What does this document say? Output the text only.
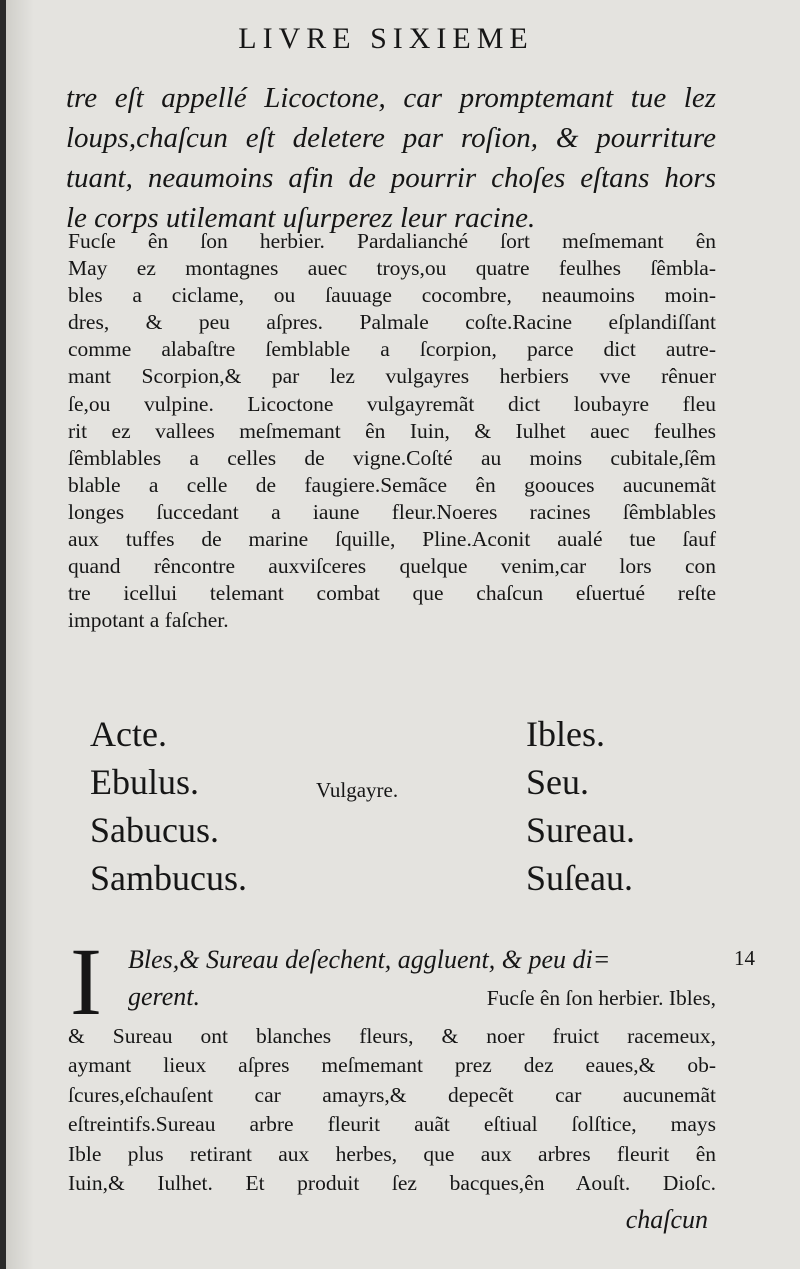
LIVRE SIXIEME
tre eſt appellé Licoctone, car promptemant tue lez
loups,chaſcun eſt deletere par roſion, & pourriture
tuant, neaumoins afin de pourrir choſes eſtans hors
le corps utilemant uſurperez leur racine.
Fucſe ên ſon herbier. Pardalianché ſort meſmemant ên
May ez montagnes auec troys,ou quatre feulhes ſêmbla-
bles a ciclame, ou ſauuage cocombre, neaumoins moin-
dres, & peu aſpres. Palmale coſte.Racine eſplandiſſant
comme alabaſtre ſemblable a ſcorpion, parce dict autre-
mant Scorpion,& par lez vulgayres herbiers vve rênuer
ſe,ou vulpine. Licoctone vulgayremãt dict loubayre fleu
rit ez vallees meſmemant ên Iuin, & Iulhet auec feulhes
ſêmblables a celles de vigne.Coſté au moins cubitale,ſêm
blable a celle de faugiere.Semãce ên goouces aucunemãt
longes ſuccedant a iaune fleur.Noeres racines ſêmblables
aux tuffes de marine ſquille, Pline.Aconit aualé tue ſauf
quand rêncontre auxviſceres quelque venim,car lors con
tre icellui telemant combat que chaſcun eſuertué reſte
impotant a faſcher.
Acte.
Ebulus.
Sabucus.
Sambucus.
Vulgayre.
Ibles.
Seu.
Sureau.
Suſeau.
I Bles,& Sureau deſechent, aggluent, & peu di=
gerent.	Fucſe ên ſon herbier. Ibles,
14
& Sureau ont blanches fleurs, & noer fruict racemeux,
aymant lieux aſpres meſmemant prez dez eaues,& ob-
ſcures,eſchauſent car amayrs,& depecẽt car aucunemãt
eſtreintifs.Sureau arbre fleurit auãt eſtiual ſolſtice, mays
Ible plus retirant aux herbes, que aux arbres fleurit ên
Iuin,& Iulhet. Et produit ſez bacques,ên Aouſt. Dioſc.
chaſcun
